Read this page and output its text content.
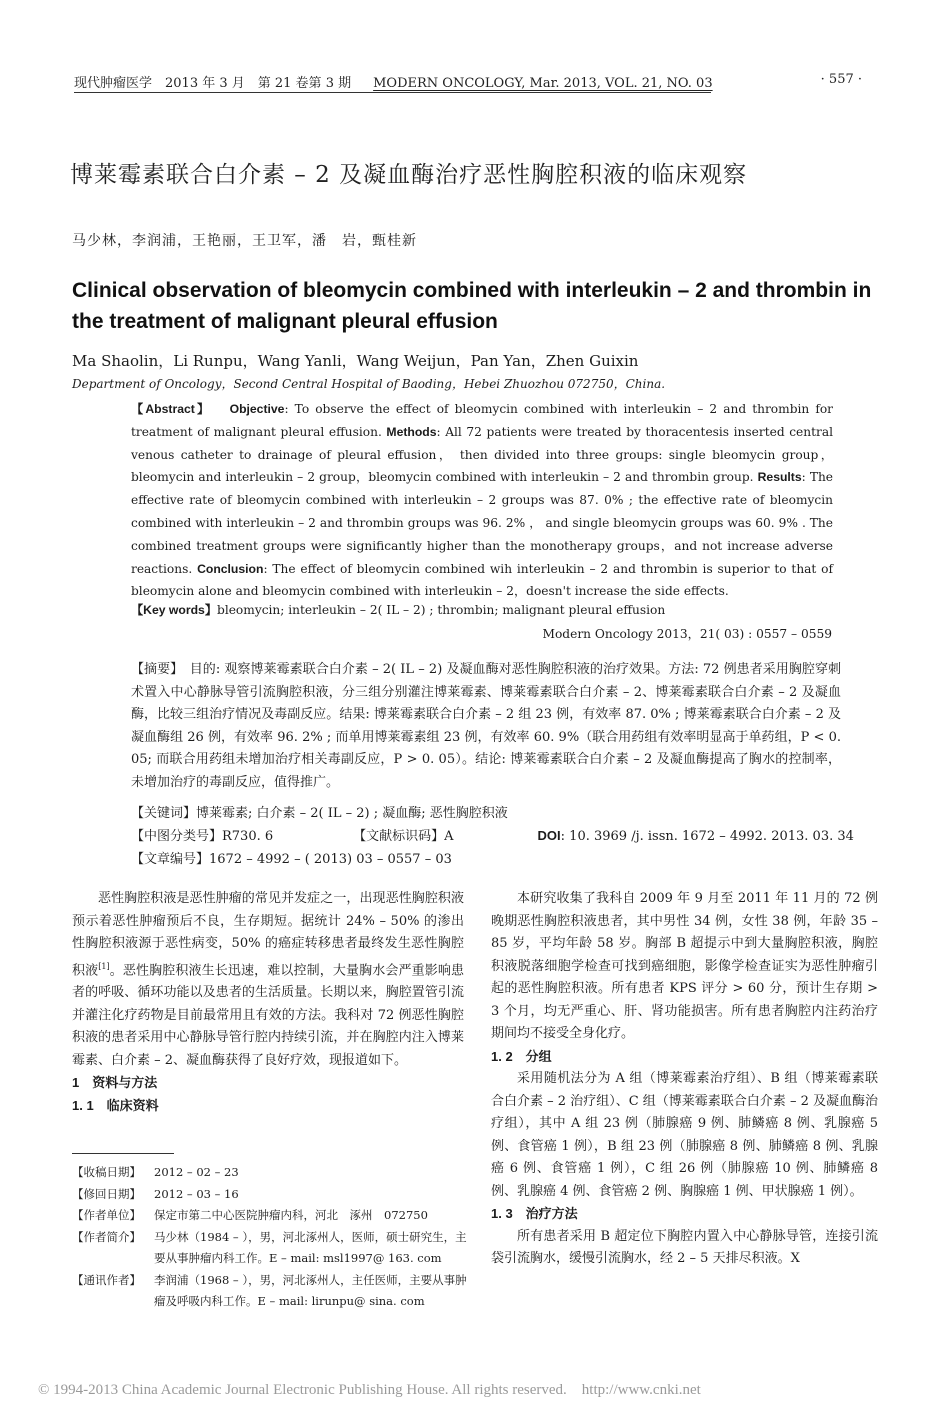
现代肿瘤医学　2013 年 3 月　第 21 卷第 3 期 MODERN ONCOLOGY, Mar. 2013, VOL. 21, NO. 03	· 557 ·
博莱霉素联合白介素 – 2 及凝血酶治疗恶性胸腔积液的临床观察
马少林，李润浦，王艳丽，王卫军，潘　岩，甄桂新
Clinical observation of bleomycin combined with interleukin – 2 and thrombin in the treatment of malignant pleural effusion
Ma Shaolin，Li Runpu，Wang Yanli，Wang Weijun，Pan Yan，Zhen Guixin
Department of Oncology，Second Central Hospital of Baoding，Hebei Zhuozhou 072750，China.
【Abstract】 Objective: To observe the effect of bleomycin combined with interleukin – 2 and thrombin for treatment of malignant pleural effusion. Methods: All 72 patients were treated by thoracentesis inserted central venous catheter to drainage of pleural effusion， then divided into three groups: single bleomycin group，bleomycin and interleukin – 2 group，bleomycin combined with interleukin – 2 and thrombin group. Results: The effective rate of bleomycin combined with interleukin – 2 groups was 87. 0% ; the effective rate of bleomycin combined with interleukin – 2 and thrombin groups was 96. 2% ， and single bleomycin groups was 60. 9% . The combined treatment groups were significantly higher than the monotherapy groups，and not increase adverse reactions. Conclusion: The effect of bleomycin combined wih interleukin – 2 and thrombin is superior to that of bleomycin alone and bleomycin combined with interleukin – 2，doesn't increase the side effects.
【Key words】bleomycin; interleukin – 2( IL – 2) ; thrombin; malignant pleural effusion
Modern Oncology 2013，21( 03) : 0557 – 0559
【摘要】　目的: 观察博莱霉素联合白介素 – 2( IL – 2) 及凝血酶对恶性胸腔积液的治疗效果。方法: 72 例患者采用胸腔穿刺术置入中心静脉导管引流胸腔积液，分三组分别灌注博莱霉素、博莱霉素联合白介素 – 2、博莱霉素联合白介素 – 2 及凝血酶，比较三组治疗情况及毒副反应。结果: 博莱霉素联合白介素 – 2 组 23 例，有效率 87. 0% ; 博莱霉素联合白介素 – 2 及凝血酶组 26 例，有效率 96. 2% ; 而单用博莱霉素组 23 例，有效率 60. 9%（联合用药组有效率明显高于单药组，P < 0. 05; 而联合用药组未增加治疗相关毒副反应，P > 0. 05）。结论: 博莱霉素联合白介素 – 2 及凝血酶提高了胸水的控制率，未增加治疗的毒副反应，值得推广。
【关键词】博莱霉素; 白介素 – 2( IL – 2) ; 凝血酶; 恶性胸腔积液
【中图分类号】R730. 6	【文献标识码】A	DOI: 10. 3969 /j. issn. 1672 – 4992. 2013. 03. 34
【文章编号】1672 – 4992 – ( 2013) 03 – 0557 – 03

恶性胸腔积液是恶性肿瘤的常见并发症之一，出现恶性胸腔积液预示着恶性肿瘤预后不良，生存期短。据统计 24% – 50% 的渗出性胸腔积液源于恶性病变，50% 的癌症转移患者最终发生恶性胸腔积液[1]。恶性胸腔积液生长迅速，难以控制，大量胸水会严重影响患者的呼吸、循环功能以及患者的生活质量。长期以来，胸腔置管引流并灌注化疗药物是目前最常用且有效的方法。我科对 72 例恶性胸腔积液的患者采用中心静脉导管行腔内持续引流，并在胸腔内注入博莱霉素、白介素 – 2、凝血酶获得了良好疗效，现报道如下。

1　资料与方法

1. 1　临床资料

本研究收集了我科自 2009 年 9 月至 2011 年 11 月的 72 例晚期恶性胸腔积液患者，其中男性 34 例，女性 38 例，年龄 35 – 85 岁，平均年龄 58 岁。胸部 B 超提示中到大量胸腔积液，胸腔积液脱落细胞学检查可找到癌细胞，影像学检查证实为恶性肿瘤引起的恶性胸腔积液。所有患者 KPS 评分 > 60 分，预计生存期 > 3 个月，均无严重心、肝、肾功能损害。所有患者胸腔内注药治疗期间均不接受全身化疗。

1. 2　分组

采用随机法分为 A 组（博莱霉素治疗组）、B 组（博莱霉素联合白介素 – 2 治疗组）、C 组（博莱霉素联合白介素 – 2 及凝血酶治疗组），其中 A 组 23 例（肺腺癌 9 例、肺鳞癌 8 例、乳腺癌 5 例、食管癌 1 例），B 组 23 例（肺腺癌 8 例、肺鳞癌 8 例、乳腺癌 6 例、食管癌 1 例），C 组 26 例（肺腺癌 10 例、肺鳞癌 8 例、乳腺癌 4 例、食管癌 2 例、胸腺癌 1 例、甲状腺癌 1 例）。

1. 3　治疗方法

所有患者采用 B 超定位下胸腔内置入中心静脉导管，连接引流袋引流胸水，缓慢引流胸水，经 2 – 5 天排尽积液。X

【收稿日期】	2012 – 02 – 23
【修回日期】	2012 – 03 – 16
【作者单位】	保定市第二中心医院肿瘤内科，河北　涿州　072750
【作者简介】	马少林（1984 – ），男，河北涿州人，医师，硕士研究生，主要从事肿瘤内科工作。E – mail: msl1997@ 163. com
【通讯作者】	李润浦（1968 – ），男，河北涿州人，主任医师，主要从事肿瘤及呼吸内科工作。E – mail: lirunpu@ sina. com
© 1994-2013 China Academic Journal Electronic Publishing House. All rights reserved.　http://www.cnki.net
